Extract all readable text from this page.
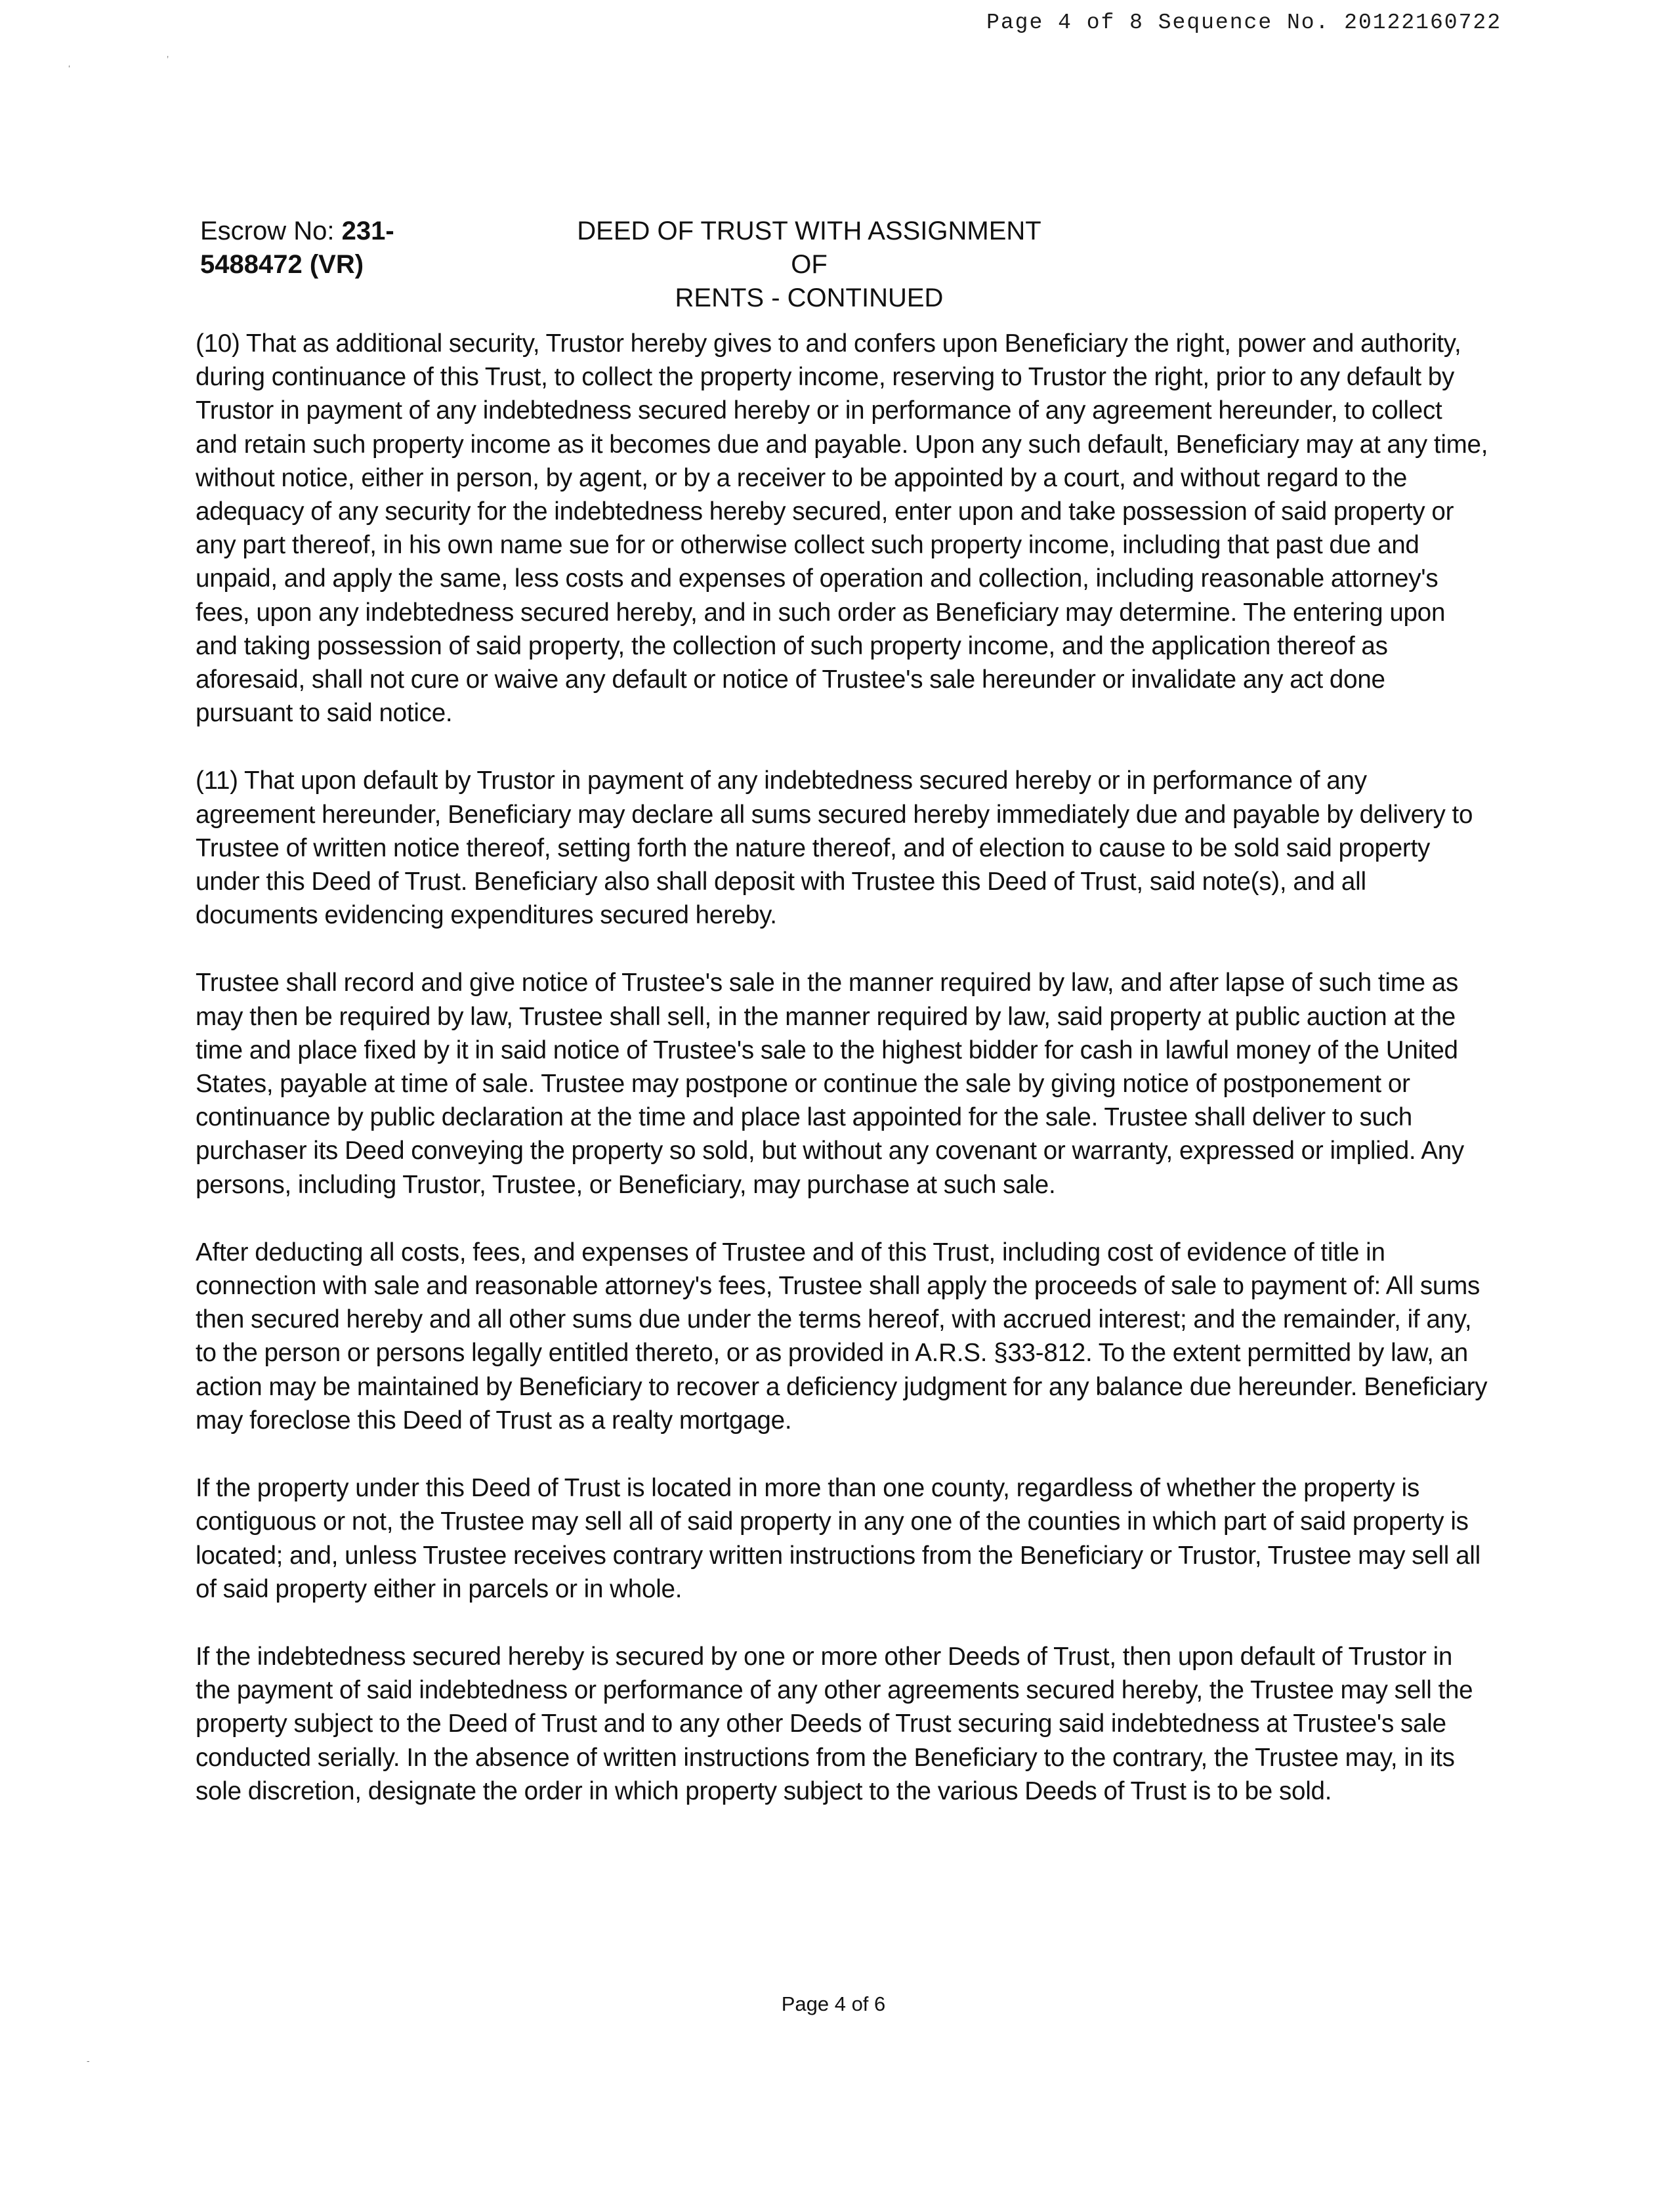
Page 4 of 8 Sequence No. 20122160722
‘
’
-
Escrow No: 231-
5488472 (VR)
DEED OF TRUST WITH ASSIGNMENT OF
RENTS - CONTINUED

(10) That as additional security, Trustor hereby gives to and confers upon Beneficiary the right, power and authority, during continuance of this Trust, to collect the property income, reserving to Trustor the right, prior to any default by Trustor in payment of any indebtedness secured hereby or in performance of any agreement hereunder, to collect and retain such property income as it becomes due and payable. Upon any such default, Beneficiary may at any time, without notice, either in person, by agent, or by a receiver to be appointed by a court, and without regard to the adequacy of any security for the indebtedness hereby secured, enter upon and take possession of said property or any part thereof, in his own name sue for or otherwise collect such property income, including that past due and unpaid, and apply the same, less costs and expenses of operation and collection, including reasonable attorney's fees, upon any indebtedness secured hereby, and in such order as Beneficiary may determine. The entering upon and taking possession of said property, the collection of such property income, and the application thereof as aforesaid, shall not cure or waive any default or notice of Trustee's sale hereunder or invalidate any act done pursuant to said notice.

(11) That upon default by Trustor in payment of any indebtedness secured hereby or in performance of any agreement hereunder, Beneficiary may declare all sums secured hereby immediately due and payable by delivery to Trustee of written notice thereof, setting forth the nature thereof, and of election to cause to be sold said property under this Deed of Trust. Beneficiary also shall deposit with Trustee this Deed of Trust, said note(s), and all documents evidencing expenditures secured hereby.

Trustee shall record and give notice of Trustee's sale in the manner required by law, and after lapse of such time as may then be required by law, Trustee shall sell, in the manner required by law, said property at public auction at the time and place fixed by it in said notice of Trustee's sale to the highest bidder for cash in lawful money of the United States, payable at time of sale. Trustee may postpone or continue the sale by giving notice of postponement or continuance by public declaration at the time and place last appointed for the sale. Trustee shall deliver to such purchaser its Deed conveying the property so sold, but without any covenant or warranty, expressed or implied. Any persons, including Trustor, Trustee, or Beneficiary, may purchase at such sale.

After deducting all costs, fees, and expenses of Trustee and of this Trust, including cost of evidence of title in connection with sale and reasonable attorney's fees, Trustee shall apply the proceeds of sale to payment of: All sums then secured hereby and all other sums due under the terms hereof, with accrued interest; and the remainder, if any, to the person or persons legally entitled thereto, or as provided in A.R.S. §33-812. To the extent permitted by law, an action may be maintained by Beneficiary to recover a deficiency judgment for any balance due hereunder. Beneficiary may foreclose this Deed of Trust as a realty mortgage.

If the property under this Deed of Trust is located in more than one county, regardless of whether the property is contiguous or not, the Trustee may sell all of said property in any one of the counties in which part of said property is located; and, unless Trustee receives contrary written instructions from the Beneficiary or Trustor, Trustee may sell all of said property either in parcels or in whole.

If the indebtedness secured hereby is secured by one or more other Deeds of Trust, then upon default of Trustor in the payment of said indebtedness or performance of any other agreements secured hereby, the Trustee may sell the property subject to the Deed of Trust and to any other Deeds of Trust securing said indebtedness at Trustee's sale conducted serially. In the absence of written instructions from the Beneficiary to the contrary, the Trustee may, in its sole discretion, designate the order in which property subject to the various Deeds of Trust is to be sold.

Page 4 of 6
